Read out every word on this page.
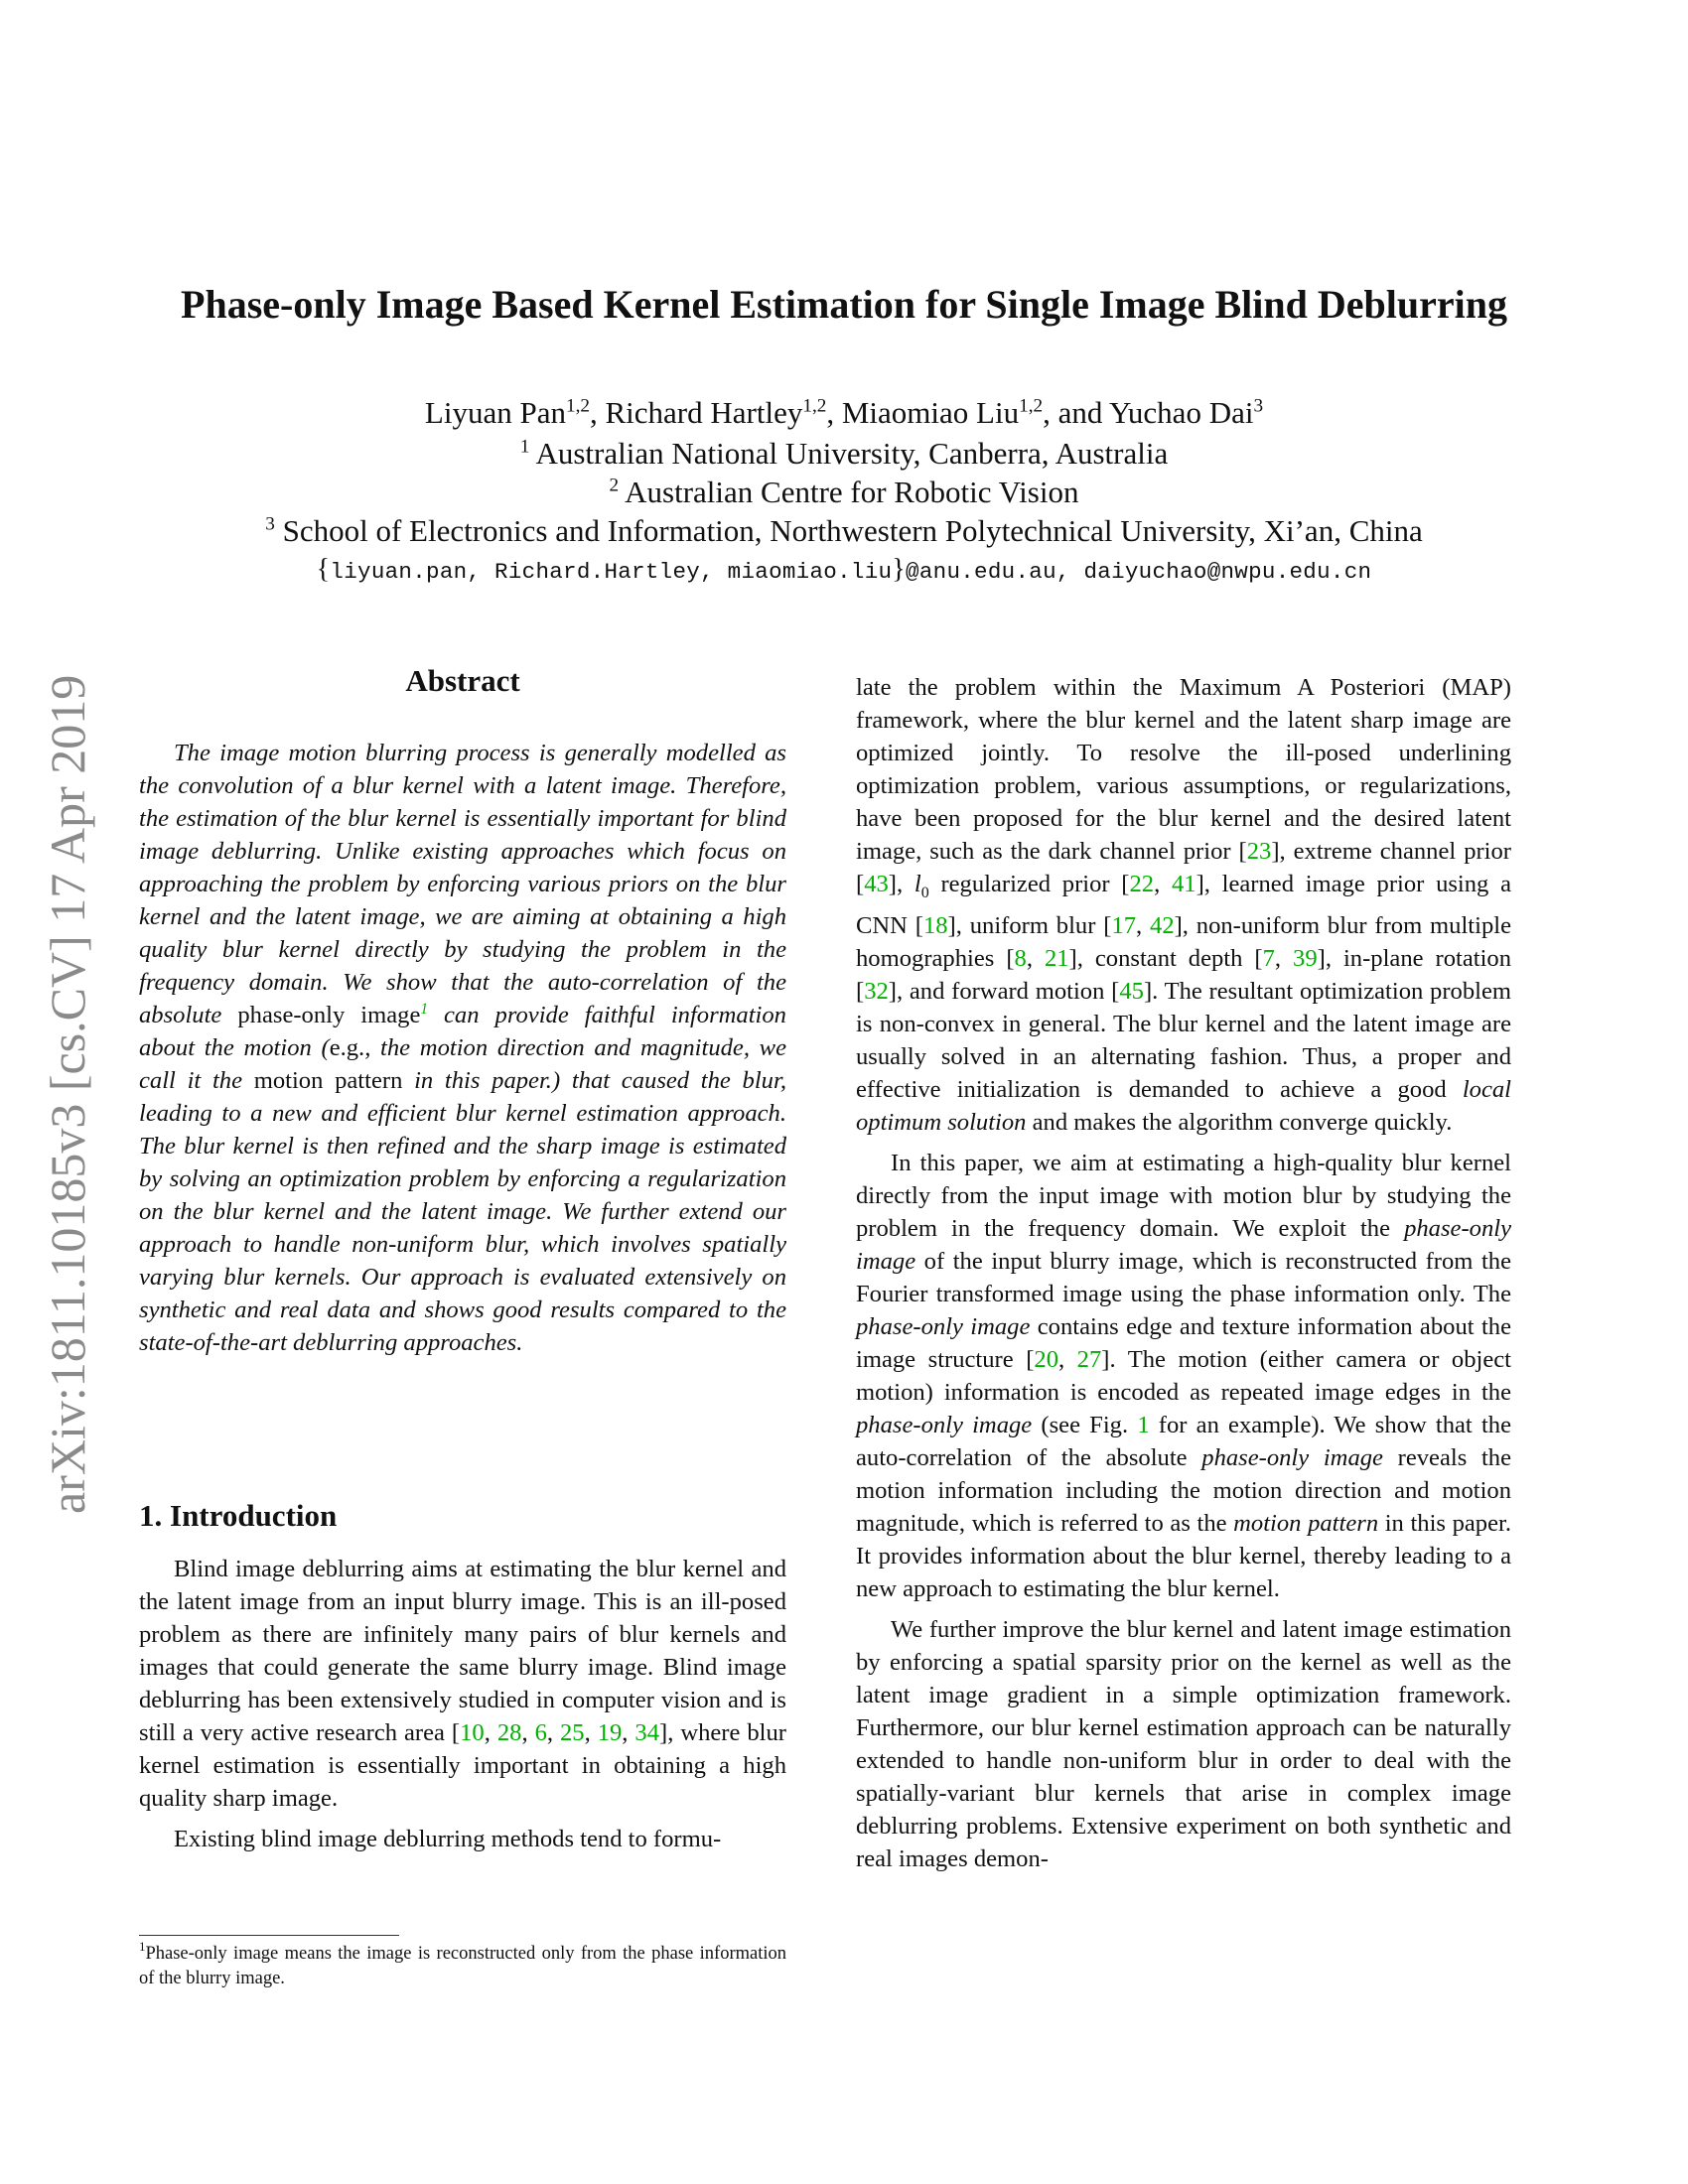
arXiv:1811.10185v3 [cs.CV] 17 Apr 2019
Phase-only Image Based Kernel Estimation for Single Image Blind Deblurring
Liyuan Pan$^{1,2}$, Richard Hartley$^{1,2}$, Miaomiao Liu$^{1,2}$, and Yuchao Dai$^3$
$^1$ Australian National University, Canberra, Australia
$^2$ Australian Centre for Robotic Vision
$^3$ School of Electronics and Information, Northwestern Polytechnical University, Xi’an, China
{liyuan.pan, Richard.Hartley, miaomiao.liu}@anu.edu.au, daiyuchao@nwpu.edu.cn
Abstract

The image motion blurring process is generally modelled as the convolution of a blur kernel with a latent image. Therefore, the estimation of the blur kernel is essentially important for blind image deblurring. Unlike existing approaches which focus on approaching the problem by enforcing various priors on the blur kernel and the latent image, we are aiming at obtaining a high quality blur kernel directly by studying the problem in the frequency domain. We show that the auto-correlation of the absolute phase-only image$^1$ can provide faithful information about the motion (e.g., the motion direction and magnitude, we call it the motion pattern in this paper.) that caused the blur, leading to a new and efficient blur kernel estimation approach. The blur kernel is then refined and the sharp image is estimated by solving an optimization problem by enforcing a regularization on the blur kernel and the latent image. We further extend our approach to handle non-uniform blur, which involves spatially varying blur kernels. Our approach is evaluated extensively on synthetic and real data and shows good results compared to the state-of-the-art deblurring approaches.

1. Introduction

Blind image deblurring aims at estimating the blur kernel and the latent image from an input blurry image. This is an ill-posed problem as there are infinitely many pairs of blur kernels and images that could generate the same blurry image. Blind image deblurring has been extensively studied in computer vision and is still a very active research area [10, 28, 6, 25, 19, 34], where blur kernel estimation is essentially important in obtaining a high quality sharp image.

Existing blind image deblurring methods tend to formu-

$^1$Phase-only image means the image is reconstructed only from the phase information of the blurry image.

late the problem within the Maximum A Posteriori (MAP) framework, where the blur kernel and the latent sharp image are optimized jointly. To resolve the ill-posed underlining optimization problem, various assumptions, or regularizations, have been proposed for the blur kernel and the desired latent image, such as the dark channel prior [23], extreme channel prior [43], $l_0$ regularized prior [22, 41], learned image prior using a CNN [18], uniform blur [17, 42], non-uniform blur from multiple homographies [8, 21], constant depth [7, 39], in-plane rotation [32], and forward motion [45]. The resultant optimization problem is non-convex in general. The blur kernel and the latent image are usually solved in an alternating fashion. Thus, a proper and effective initialization is demanded to achieve a good local optimum solution and makes the algorithm converge quickly.

In this paper, we aim at estimating a high-quality blur kernel directly from the input image with motion blur by studying the problem in the frequency domain. We exploit the phase-only image of the input blurry image, which is reconstructed from the Fourier transformed image using the phase information only. The phase-only image contains edge and texture information about the image structure [20, 27]. The motion (either camera or object motion) information is encoded as repeated image edges in the phase-only image (see Fig. 1 for an example). We show that the auto-correlation of the absolute phase-only image reveals the motion information including the motion direction and motion magnitude, which is referred to as the motion pattern in this paper. It provides information about the blur kernel, thereby leading to a new approach to estimating the blur kernel.

We further improve the blur kernel and latent image estimation by enforcing a spatial sparsity prior on the kernel as well as the latent image gradient in a simple optimization framework. Furthermore, our blur kernel estimation approach can be naturally extended to handle non-uniform blur in order to deal with the spatially-variant blur kernels that arise in complex image deblurring problems. Extensive experiment on both synthetic and real images demon-
